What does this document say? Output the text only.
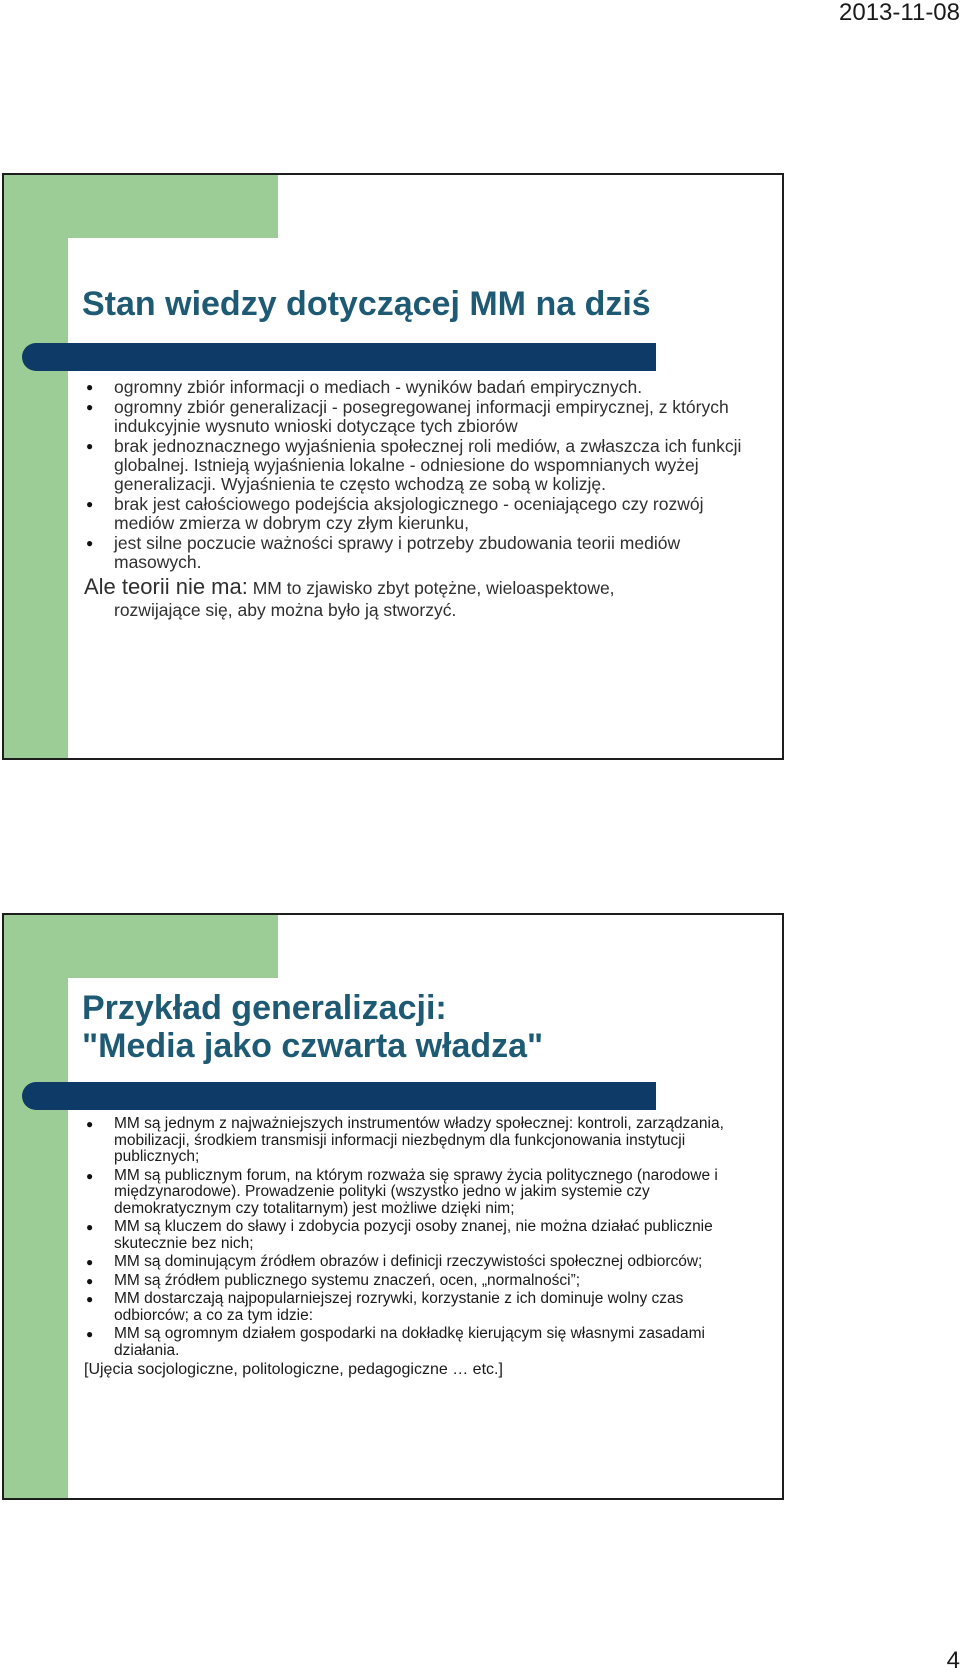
2013-11-08
Stan wiedzy dotyczącej MM na dziś
● ogromny zbiór informacji o mediach - wyników badań empirycznych.
● ogromny zbiór generalizacji - posegregowanej informacji empirycznej, z których indukcyjnie wysnuto wnioski dotyczące tych zbiorów
● brak jednoznacznego wyjaśnienia społecznej roli mediów, a zwłaszcza ich funkcji globalnej. Istnieją wyjaśnienia lokalne - odniesione do wspomnianych wyżej generalizacji. Wyjaśnienia te często wchodzą ze sobą w kolizję.
● brak jest całościowego podejścia aksjologicznego - oceniającego czy rozwój mediów zmierza w dobrym czy złym kierunku,
● jest silne poczucie ważności sprawy i potrzeby zbudowania teorii mediów masowych.
Ale teorii nie ma: MM to zjawisko zbyt potężne, wieloaspektowe,
rozwijające się, aby można było ją stworzyć.
Przykład generalizacji:
"Media jako czwarta władza"
● MM są jednym z najważniejszych instrumentów władzy społecznej: kontroli, zarządzania, mobilizacji, środkiem transmisji informacji niezbędnym dla funkcjonowania instytucji publicznych;
● MM są publicznym forum, na którym rozważa się sprawy życia politycznego (narodowe i międzynarodowe). Prowadzenie polityki (wszystko jedno w jakim systemie czy demokratycznym czy totalitarnym) jest możliwe dzięki nim;
● MM są kluczem do sławy i zdobycia pozycji osoby znanej, nie można działać publicznie skutecznie bez nich;
● MM są dominującym źródłem obrazów i definicji rzeczywistości społecznej odbiorców;
● MM są źródłem publicznego systemu znaczeń, ocen, „normalności”;
● MM dostarczają najpopularniejszej rozrywki, korzystanie z ich dominuje wolny czas odbiorców; a co za tym idzie:
● MM są ogromnym działem gospodarki na dokładkę kierującym się własnymi zasadami działania.
[Ujęcia socjologiczne, politologiczne, pedagogiczne … etc.]
4
